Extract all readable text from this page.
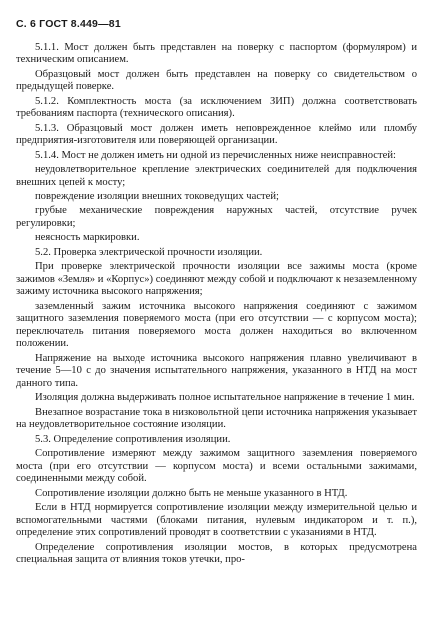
С. 6 ГОСТ 8.449—81

5.1.1. Мост должен быть представлен на поверку с паспортом (формуляром) и техническим описанием.

Образцовый мост должен быть представлен на поверку со свидетельством о предыдущей поверке.

5.1.2. Комплектность моста (за исключением ЗИП) должна соответствовать требованиям паспорта (технического описания).

5.1.3. Образцовый мост должен иметь неповрежденное клеймо или пломбу предприятия-изготовителя или поверяющей организации.

5.1.4. Мост не должен иметь ни одной из перечисленных ниже неисправностей:

неудовлетворительное крепление электрических соединителей для подключения внешних цепей к мосту;

повреждение изоляции внешних токоведущих частей;

грубые механические повреждения наружных частей, отсутствие ручек регулировки;

неясность маркировки.

5.2. Проверка электрической прочности изоляции.

При проверке электрической прочности изоляции все зажимы моста (кроме зажимов «Земля» и «Корпус») соединяют между собой и подключают к незаземленному зажиму источника высокого напряжения;

заземленный зажим источника высокого напряжения соединяют с зажимом защитного заземления поверяемого моста (при его отсутствии — с корпусом моста); переключатель питания поверяемого моста должен находиться во включенном положении.

Напряжение на выходе источника высокого напряжения плавно увеличивают в течение 5—10 с до значения испытательного напряжения, указанного в НТД на мост данного типа.

Изоляция должна выдерживать полное испытательное напряжение в течение 1 мин.

Внезапное возрастание тока в низковольтной цепи источника напряжения указывает на неудовлетворительное состояние изоляции.

5.3. Определение сопротивления изоляции.

Сопротивление измеряют между зажимом защитного заземления поверяемого моста (при его отсутствии — корпусом моста) и всеми остальными зажимами, соединенными между собой.

Сопротивление изоляции должно быть не меньше указанного в НТД.

Если в НТД нормируется сопротивление изоляции между измерительной целью и вспомогательными частями (блоками питания, нулевым индикатором и т. п.), определение этих сопротивлений проводят в соответствии с указаниями в НТД.

Определение сопротивления изоляции мостов, в которых предусмотрена специальная защита от влияния токов утечки, про-
